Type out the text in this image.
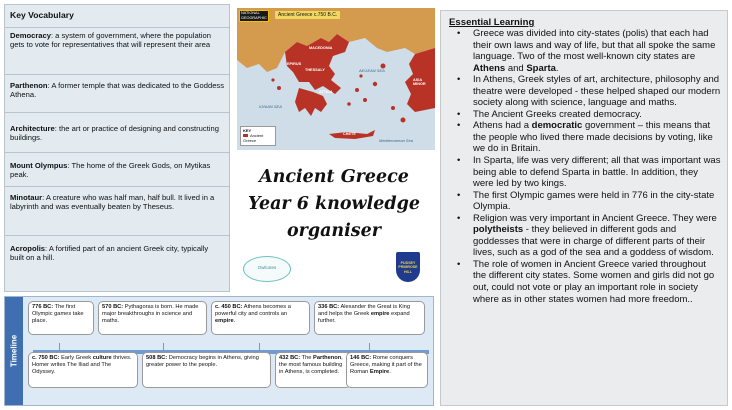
Key Vocabulary
Democracy: a system of government, where the population gets to vote for representatives that will represent their area
Parthenon: A former temple that was dedicated to the Goddess Athena.
Architecture: the art or practice of designing and constructing buildings.
Mount Olympus: The home of the Greek Gods, on Mytikas peak.
Minotaur: A creature who was half man, half bull. It lived in a labyrinth and was eventually beaten by Theseus.
Acropolis: A fortified part of an ancient Greek city, typically built on a hill.
NATIONAL GEOGRAPHIC	Ancient Greece c.750 B.C.
MACEDONIA
EPIRUS
THESSALY
ATTICA
AEGEAN SEA
IONIAN SEA
Mediterranean Sea
CRETE
ASIA MINOR
KEY
Ancient Greece
Ancient Greece
Year 6 knowledge
organiser
Owlcotes
PUDSEY
PRIMROSE
HILL
Essential Learning
• Greece was divided into city-states (polis) that each had their own laws and way of life, but that all spoke the same language. Two of the most well-known city states are Athens and Sparta.
• In Athens, Greek styles of art, architecture, philosophy and theatre were developed - these helped shaped our modern society along with science, language and maths.
• The Ancient Greeks created democracy.
• Athens had a democratic government – this means that the people who lived there made decisions by voting, like we do in Britain.
• In Sparta, life was very different; all that was important was being able to defend Sparta in battle. In addition, they were led by two kings.
• The first Olympic games were held in 776 in the city-state Olympia.
• Religion was very important in Ancient Greece. They were polytheists - they believed in different gods and goddesses that were in charge of different parts of their lives, such as a god of the sea and a goddess of wisdom.
• The role of women in Ancient Greece varied throughout the different city states. Some women and girls did not go out, could not vote or play an important role in society where as in other states women had more freedom..
Timeline
776 BC: The first Olympic games take place.
570 BC: Pythagoras is born. He made major breakthroughs in science and maths.
c. 450 BC: Athens becomes a powerful city and controls an empire.
336 BC: Alexander the Great is King and helps the Greek empire expand further.
c. 750 BC: Early Greek culture thrives. Homer writes The Iliad and The Odyssey.
508 BC: Democracy begins in Athens, giving greater power to the people.
432 BC: The Parthenon, the most famous building in Athens, is completed.
146 BC: Rome conquers Greece, making it part of the Roman Empire.
